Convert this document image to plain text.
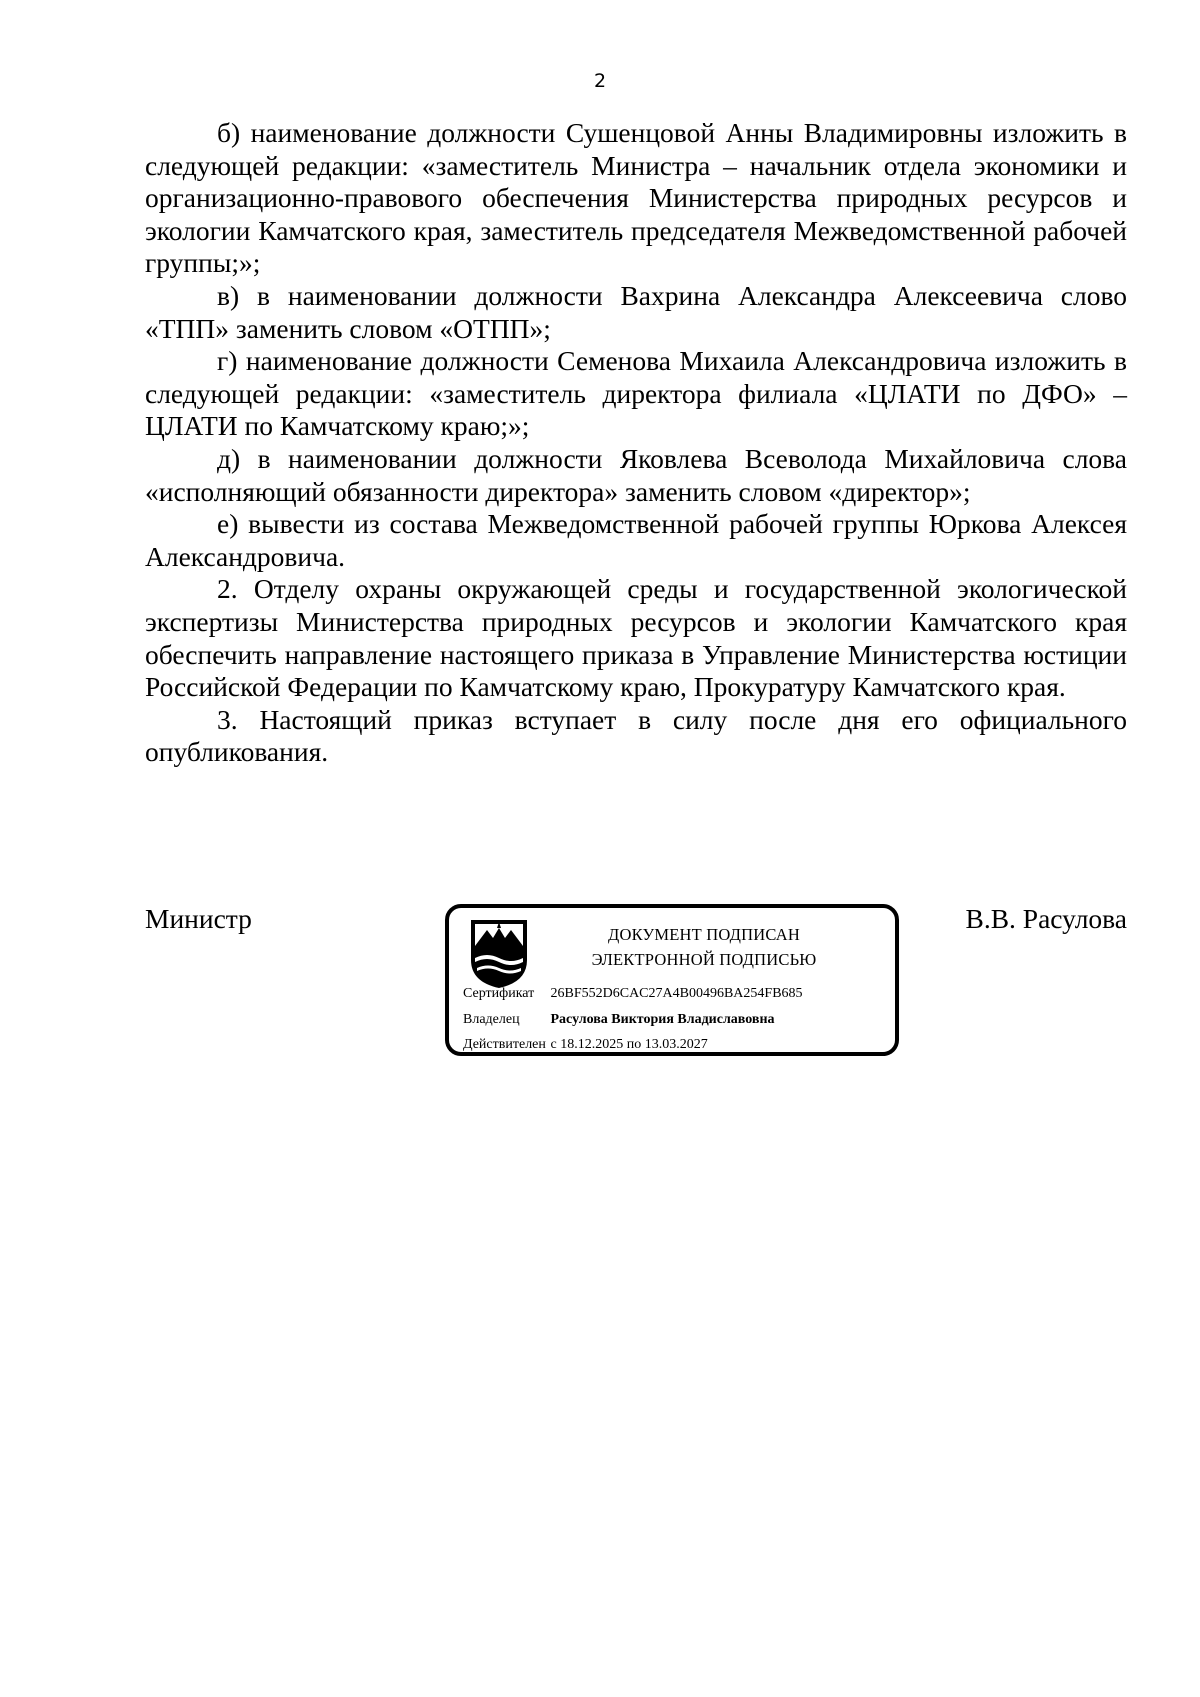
2

б) наименование должности Сушенцовой Анны Владимировны изложить в следующей редакции: «заместитель Министра – начальник отдела экономики и организационно-правового обеспечения Министерства природных ресурсов и экологии Камчатского края, заместитель председателя Межведомственной рабочей группы;»;

в) в наименовании должности Вахрина Александра Алексеевича слово «ТПП» заменить словом «ОТПП»;

г) наименование должности Семенова Михаила Александровича изложить в следующей редакции: «заместитель директора филиала «ЦЛАТИ по ДФО» – ЦЛАТИ по Камчатскому краю;»;

д) в наименовании должности Яковлева Всеволода Михайловича слова «исполняющий обязанности директора» заменить словом «директор»;

е) вывести из состава Межведомственной рабочей группы Юркова Алексея Александровича.

2. Отделу охраны окружающей среды и государственной экологической экспертизы Министерства природных ресурсов и экологии Камчатского края обеспечить направление настоящего приказа в Управление Министерства юстиции Российской Федерации по Камчатскому краю, Прокуратуру Камчатского края.

3. Настоящий приказ вступает в силу после дня его официального опубликования.

Министр	В.В. Расулова
ДОКУМЕНТ ПОДПИСАН
ЭЛЕКТРОННОЙ ПОДПИСЬЮ
Сертификат 26BF552D6CAC27A4B00496BA254FB685
Владелец Расулова Виктория Владиславовна
Действителен с 18.12.2025 по 13.03.2027
